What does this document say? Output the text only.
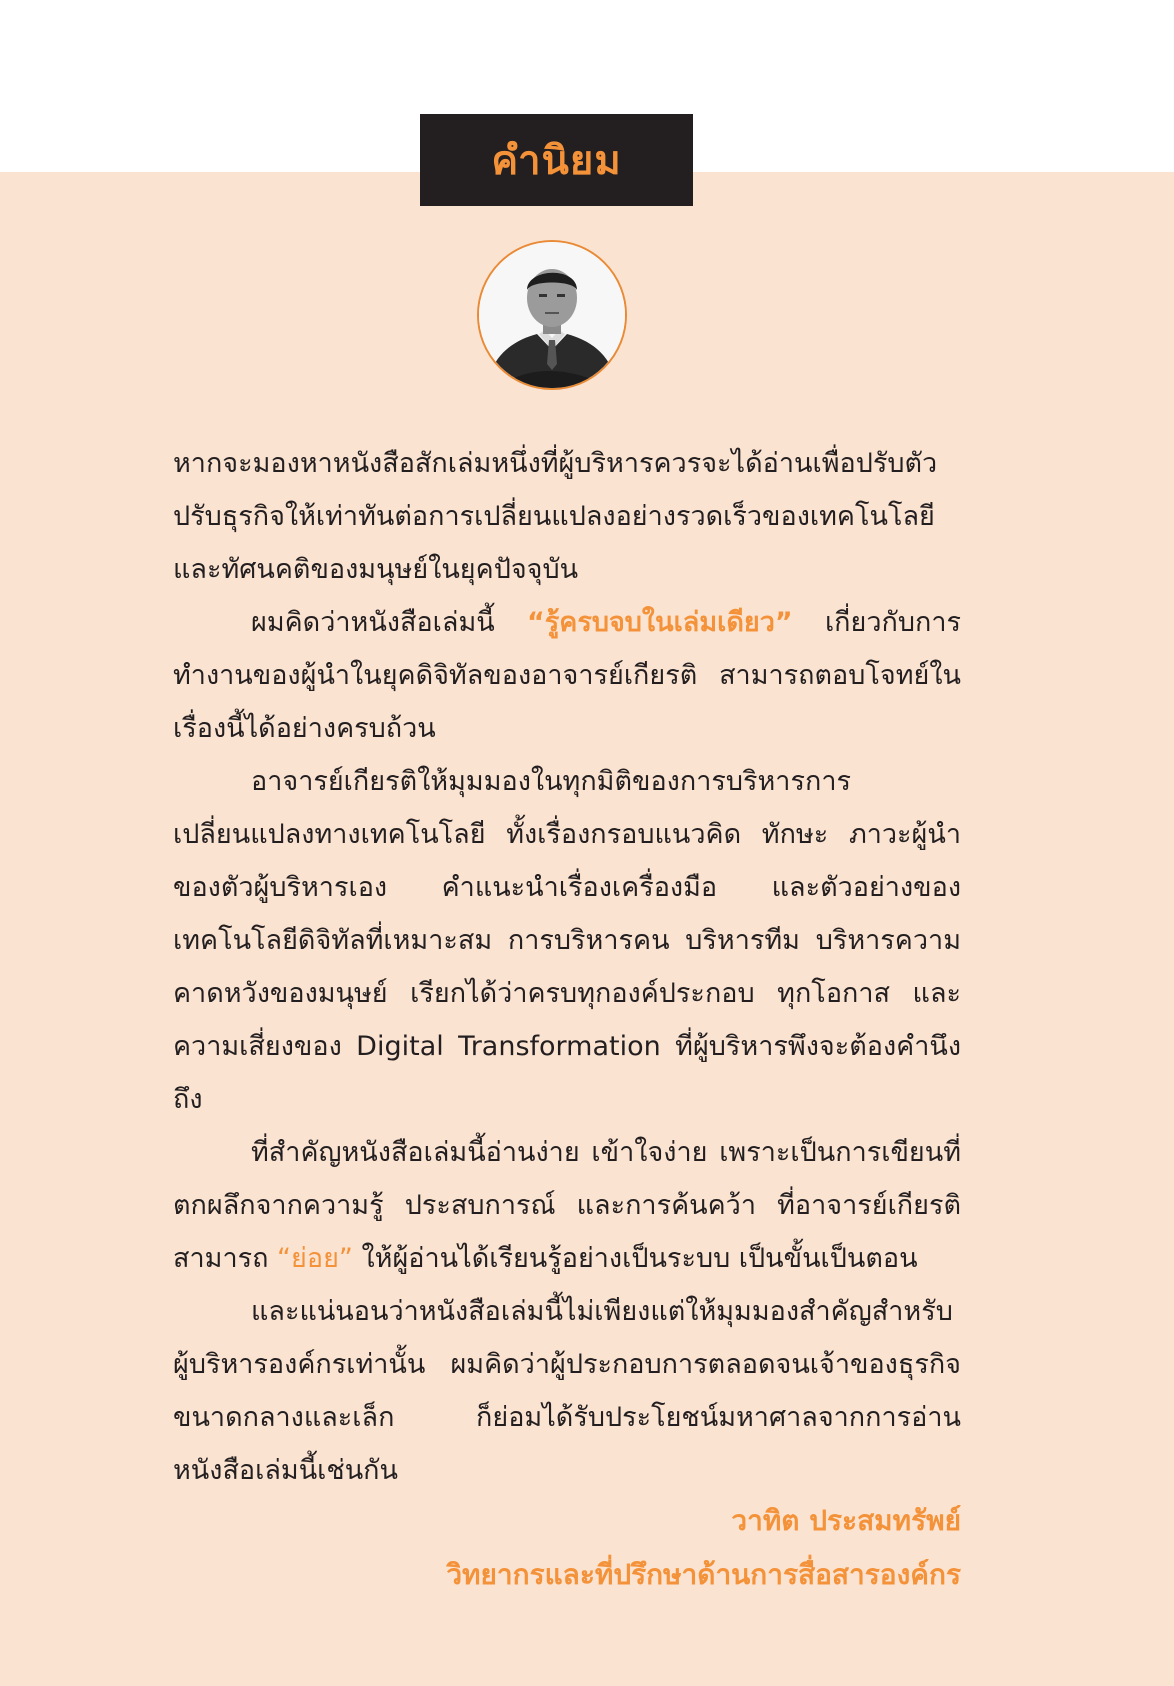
คำนิยม

หากจะมองหาหนังสือสักเล่มหนึ่งที่ผู้บริหารควรจะได้อ่านเพื่อปรับตัว ปรับธุรกิจให้เท่าทันต่อการเปลี่ยนแปลงอย่างรวดเร็วของเทคโนโลยี และทัศนคติของมนุษย์ในยุคปัจจุบัน

ผมคิดว่าหนังสือเล่มนี้ “รู้ครบจบในเล่มเดียว” เกี่ยวกับการทำงานของผู้นำในยุคดิจิทัลของอาจารย์เกียรติ สามารถตอบโจทย์ในเรื่องนี้ได้อย่างครบถ้วน

อาจารย์เกียรติให้มุมมองในทุกมิติของการบริหารการเปลี่ยนแปลงทางเทคโนโลยี ทั้งเรื่องกรอบแนวคิด ทักษะ ภาวะผู้นำของตัวผู้บริหารเอง คำแนะนำเรื่องเครื่องมือ และตัวอย่างของเทคโนโลยีดิจิทัลที่เหมาะสม การบริหารคน บริหารทีม บริหารความคาดหวังของมนุษย์ เรียกได้ว่าครบทุกองค์ประกอบ ทุกโอกาส และความเสี่ยงของ Digital Transformation ที่ผู้บริหารพึงจะต้องคำนึงถึง

ที่สำคัญหนังสือเล่มนี้อ่านง่าย เข้าใจง่าย เพราะเป็นการเขียนที่ตกผลึกจากความรู้ ประสบการณ์ และการค้นคว้า ที่อาจารย์เกียรติสามารถ “ย่อย” ให้ผู้อ่านได้เรียนรู้อย่างเป็นระบบ เป็นขั้นเป็นตอน

และแน่นอนว่าหนังสือเล่มนี้ไม่เพียงแต่ให้มุมมองสำคัญสำหรับผู้บริหารองค์กรเท่านั้น ผมคิดว่าผู้ประกอบการตลอดจนเจ้าของธุรกิจขนาดกลางและเล็ก ก็ย่อมได้รับประโยชน์มหาศาลจากการอ่านหนังสือเล่มนี้เช่นกัน

วาทิต ประสมทรัพย์
วิทยากรและที่ปรึกษาด้านการสื่อสารองค์กร
